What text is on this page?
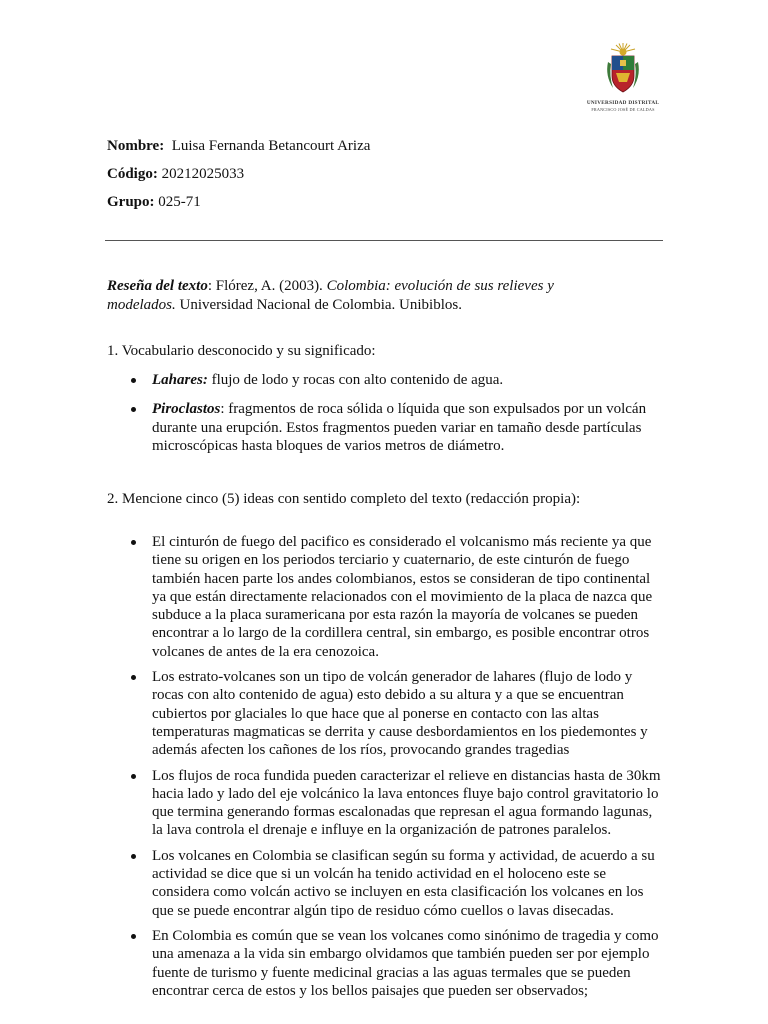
UNIVERSIDAD DISTRITAL
FRANCISCO JOSÉ DE CALDAS
Nombre: Luisa Fernanda Betancourt Ariza
Código: 20212025033
Grupo: 025-71
Reseña del texto: Flórez, A. (2003). Colombia: evolución de sus relieves y modelados. Universidad Nacional de Colombia. Unibiblos.
1. Vocabulario desconocido y su significado:
Lahares: flujo de lodo y rocas con alto contenido de agua.
Piroclastos: fragmentos de roca sólida o líquida que son expulsados por un volcán durante una erupción. Estos fragmentos pueden variar en tamaño desde partículas microscópicas hasta bloques de varios metros de diámetro.
2. Mencione cinco (5) ideas con sentido completo del texto (redacción propia):
El cinturón de fuego del pacifico es considerado el volcanismo más reciente ya que tiene su origen en los periodos terciario y cuaternario, de este cinturón de fuego también hacen parte los andes colombianos, estos se consideran de tipo continental ya que están directamente relacionados con el movimiento de la placa de nazca que subduce a la placa suramericana por esta razón la mayoría de volcanes se pueden encontrar a lo largo de la cordillera central, sin embargo, es posible encontrar otros volcanes de antes de la era cenozoica.
Los estrato-volcanes son un tipo de volcán generador de lahares (flujo de lodo y rocas con alto contenido de agua) esto debido a su altura y a que se encuentran cubiertos por glaciales lo que hace que al ponerse en contacto con las altas temperaturas magmaticas se derrita y cause desbordamientos en los piedemontes y además afecten los cañones de los ríos, provocando grandes tragedias
Los flujos de roca fundida pueden caracterizar el relieve en distancias hasta de 30km hacia lado y lado del eje volcánico la lava entonces fluye bajo control gravitatorio lo que termina generando formas escalonadas que represan el agua formando lagunas, la lava controla el drenaje e influye en la organización de patrones paralelos.
Los volcanes en Colombia se clasifican según su forma y actividad, de acuerdo a su actividad se dice que si un volcán ha tenido actividad en el holoceno este se considera como volcán activo se incluyen en esta clasificación los volcanes en los que se puede encontrar algún tipo de residuo cómo cuellos o lavas disecadas.
En Colombia es común que se vean los volcanes como sinónimo de tragedia y como una amenaza a la vida sin embargo olvidamos que también pueden ser por ejemplo fuente de turismo y fuente medicinal gracias a las aguas termales que se pueden encontrar cerca de estos y los bellos paisajes que pueden ser observados;
